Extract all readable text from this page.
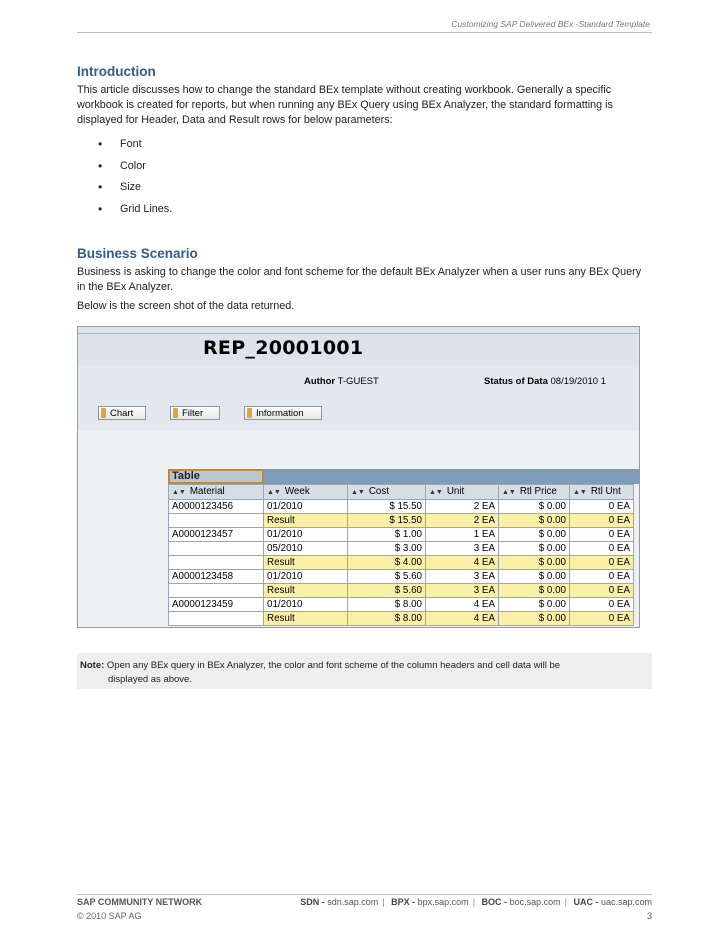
Customizing SAP Delivered BEx -Standard Template
Introduction

This article discusses how to change the standard BEx template without creating workbook. Generally a specific workbook is created for reports, but when running any BEx Query using BEx Analyzer, the standard formatting is displayed for Header, Data and Result rows for below parameters:

• Font
• Color
• Size
• Grid Lines.
Business Scenario

Business is asking to change the color and font scheme for the default BEx Analyzer when a user runs any BEx Query in the BEx Analyzer.

Below is the screen shot of the data returned.

REP_20001001
Author T-GUEST	Status of Data 08/19/2010 1
Chart	Filter	Information
Table
▲▼ Material	▲▼ Week	▲▼ Cost	▲▼ Unit	▲▼ Rtl Price	▲▼ Rtl Unt
A0000123456	01/2010	$ 15.50	2 EA	$ 0.00	0 EA
	Result	$ 15.50	2 EA	$ 0.00	0 EA
A0000123457	01/2010	$ 1.00	1 EA	$ 0.00	0 EA
	05/2010	$ 3.00	3 EA	$ 0.00	0 EA
	Result	$ 4.00	4 EA	$ 0.00	0 EA
A0000123458	01/2010	$ 5.60	3 EA	$ 0.00	0 EA
	Result	$ 5.60	3 EA	$ 0.00	0 EA
A0000123459	01/2010	$ 8.00	4 EA	$ 0.00	0 EA
	Result	$ 8.00	4 EA	$ 0.00	0 EA
Note: Open any BEx query in BEx Analyzer, the color and font scheme of the column headers and cell data will be
displayed as above.
SAP COMMUNITY NETWORK
© 2010 SAP AG
SDN - sdn.sap.com | BPX - bpx.sap.com | BOC - boc.sap.com | UAC - uac.sap.com
3
